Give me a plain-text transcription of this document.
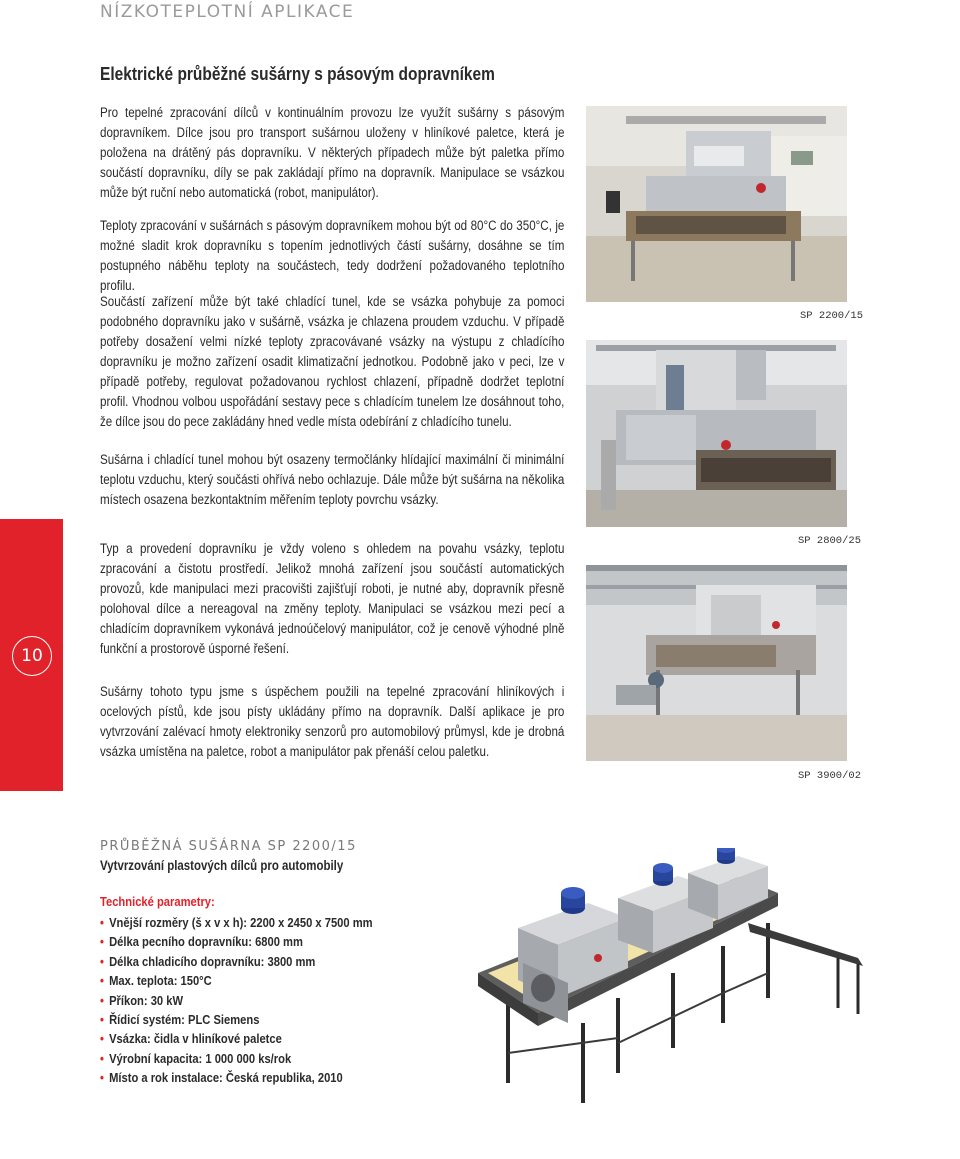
NÍZKOTEPLOTNÍ APLIKACE
Elektrické průběžné sušárny s pásovým dopravníkem

Pro tepelné zpracování dílců v kontinuálním provozu lze využít sušárny s pásovým dopravníkem. Dílce jsou pro transport sušárnou uloženy v hliníkové paletce, která je položena na drátěný pás dopravníku. V některých případech může být paletka přímo součástí dopravníku, díly se pak zakládají přímo na dopravník. Manipulace se vsázkou může být ruční nebo automatická (robot, manipulátor).

Teploty zpracování v sušárnách s pásovým dopravníkem mohou být od 80°C do 350°C, je možné sladit krok dopravníku s topením jednotlivých částí sušárny, dosáhne se tím postupného náběhu teploty na součástech, tedy dodržení požadovaného teplotního profilu.

Součástí zařízení může být také chladící tunel, kde se vsázka pohybuje za pomoci podobného dopravníku jako v sušárně, vsázka je chlazena proudem vzduchu. V případě potřeby dosažení velmi nízké teploty zpracovávané vsázky na výstupu z chladícího dopravníku je možno zařízení osadit klimatizační jednotkou. Podobně jako v peci, lze v případě potřeby, regulovat požadovanou rychlost chlazení, případně dodržet teplotní profil. Vhodnou volbou uspořádání sestavy pece s chladícím tunelem lze dosáhnout toho, že dílce jsou do pece zakládány hned vedle místa odebírání z chladícího tunelu.

Sušárna i chladící tunel mohou být osazeny termočlánky hlídající maximální či minimální teplotu vzduchu, který součásti ohřívá nebo ochlazuje. Dále může být sušárna na několika místech osazena bezkontaktním měřením teploty povrchu vsázky.

Typ a provedení dopravníku je vždy voleno s ohledem na povahu vsázky, teplotu zpracování a čistotu prostředí. Jelikož mnohá zařízení jsou součástí automatických provozů, kde manipulaci mezi pracovišti zajišťují roboti, je nutné aby, dopravník přesně polohoval dílce a nereagoval na změny teploty. Manipulaci se vsázkou mezi pecí a chladícím dopravníkem vykonává jednoúčelový manipulátor, což je cenově výhodné plně funkční a prostorově úsporné řešení.

Sušárny tohoto typu jsme s úspěchem použili na tepelné zpracování hliníkových i ocelových pístů, kde jsou písty ukládány přímo na dopravník. Další aplikace je pro vytvrzování zalévací hmoty elektroniky senzorů pro automobilový průmysl, kde je drobná vsázka umístěna na paletce, robot a manipulátor pak přenáší celou paletku.

SP 2200/15
SP 2800/25
SP 3900/02
10
PRŮBĚŽNÁ SUŠÁRNA SP 2200/15
Vytvrzování plastových dílců pro automobily
Technické parametry:
• Vnější rozměry (š x v x h): 2200 x 2450 x 7500 mm
• Délka pecního dopravníku: 6800 mm
• Délka chladicího dopravníku: 3800 mm
• Max. teplota: 150°C
• Příkon: 30 kW
• Řídicí systém: PLC Siemens
• Vsázka: čidla v hliníkové paletce
• Výrobní kapacita: 1 000 000 ks/rok
• Místo a rok instalace: Česká republika, 2010
